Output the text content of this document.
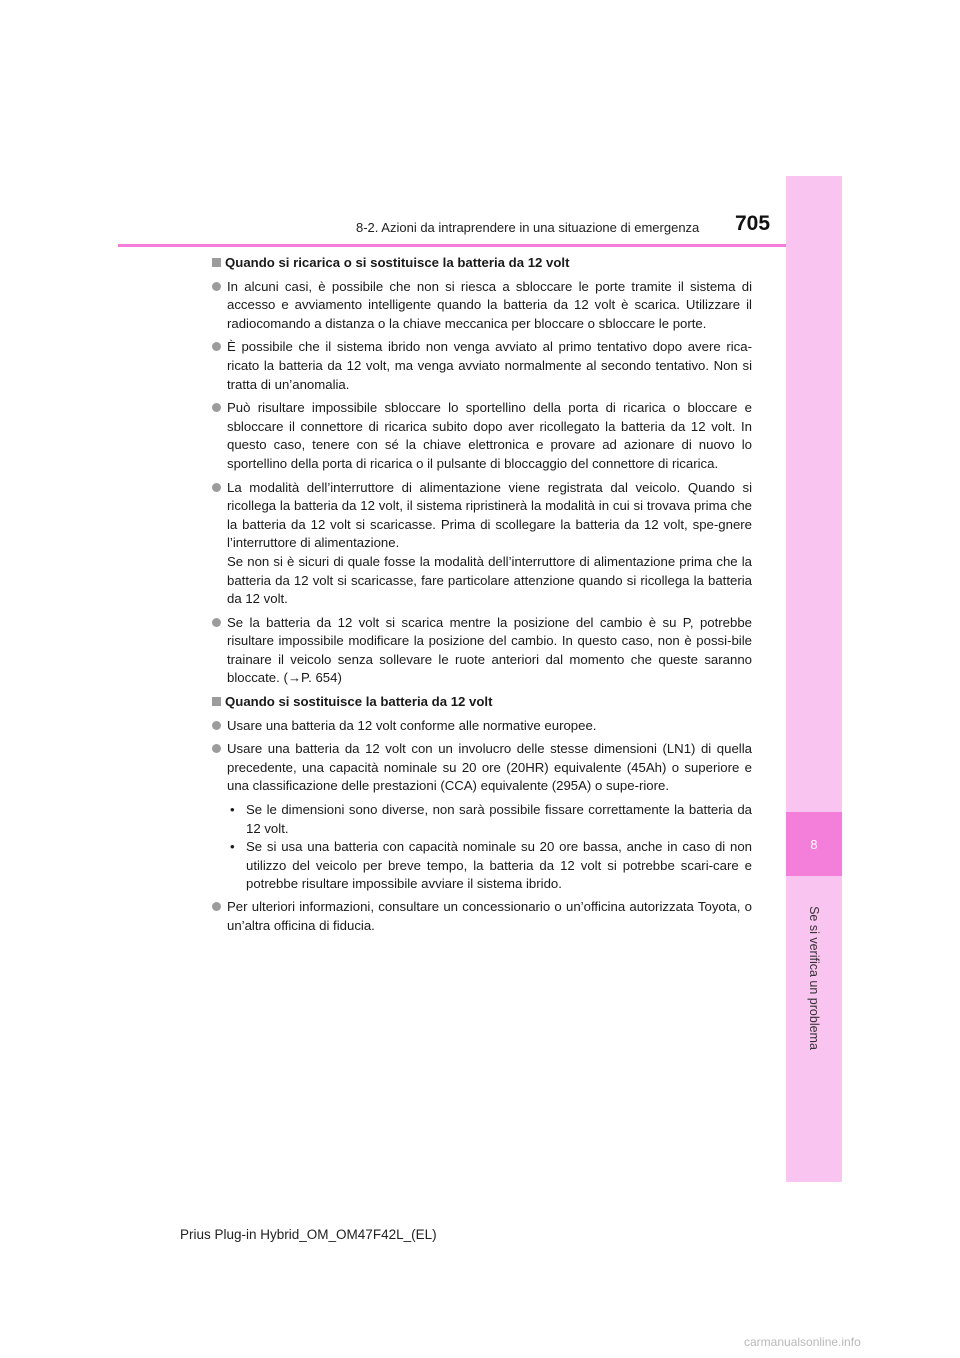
8
Se si verifica un problema
8-2. Azioni da intraprendere in una situazione di emergenza 705
Quando si ricarica o si sostituisce la batteria da 12 volt
In alcuni casi, è possibile che non si riesca a sbloccare le porte tramite il sistema di accesso e avviamento intelligente quando la batteria da 12 volt è scarica. Utilizzare il radiocomando a distanza o la chiave meccanica per bloccare o sbloccare le porte.
È possibile che il sistema ibrido non venga avviato al primo tentativo dopo avere rica-ricato la batteria da 12 volt, ma venga avviato normalmente al secondo tentativo. Non si tratta di un’anomalia.
Può risultare impossibile sbloccare lo sportellino della porta di ricarica o bloccare e sbloccare il connettore di ricarica subito dopo aver ricollegato la batteria da 12 volt. In questo caso, tenere con sé la chiave elettronica e provare ad azionare di nuovo lo sportellino della porta di ricarica o il pulsante di bloccaggio del connettore di ricarica.
La modalità dell’interruttore di alimentazione viene registrata dal veicolo. Quando si ricollega la batteria da 12 volt, il sistema ripristinerà la modalità in cui si trovava prima che la batteria da 12 volt si scaricasse. Prima di scollegare la batteria da 12 volt, spe-gnere l’interruttore di alimentazione.
Se non si è sicuri di quale fosse la modalità dell’interruttore di alimentazione prima che la batteria da 12 volt si scaricasse, fare particolare attenzione quando si ricollega la batteria da 12 volt.
Se la batteria da 12 volt si scarica mentre la posizione del cambio è su P, potrebbe risultare impossibile modificare la posizione del cambio. In questo caso, non è possi-bile trainare il veicolo senza sollevare le ruote anteriori dal momento che queste saranno bloccate. (→P. 654)
Quando si sostituisce la batteria da 12 volt
Usare una batteria da 12 volt conforme alle normative europee.
Usare una batteria da 12 volt con un involucro delle stesse dimensioni (LN1) di quella precedente, una capacità nominale su 20 ore (20HR) equivalente (45Ah) o superiore e una classificazione delle prestazioni (CCA) equivalente (295A) o supe-riore.
• Se le dimensioni sono diverse, non sarà possibile fissare correttamente la batteria da 12 volt.
• Se si usa una batteria con capacità nominale su 20 ore bassa, anche in caso di non utilizzo del veicolo per breve tempo, la batteria da 12 volt si potrebbe scari-care e potrebbe risultare impossibile avviare il sistema ibrido.
Per ulteriori informazioni, consultare un concessionario o un’officina autorizzata Toyota, o un’altra officina di fiducia.
Prius Plug-in Hybrid_OM_OM47F42L_(EL)
carmanualsonline.info
